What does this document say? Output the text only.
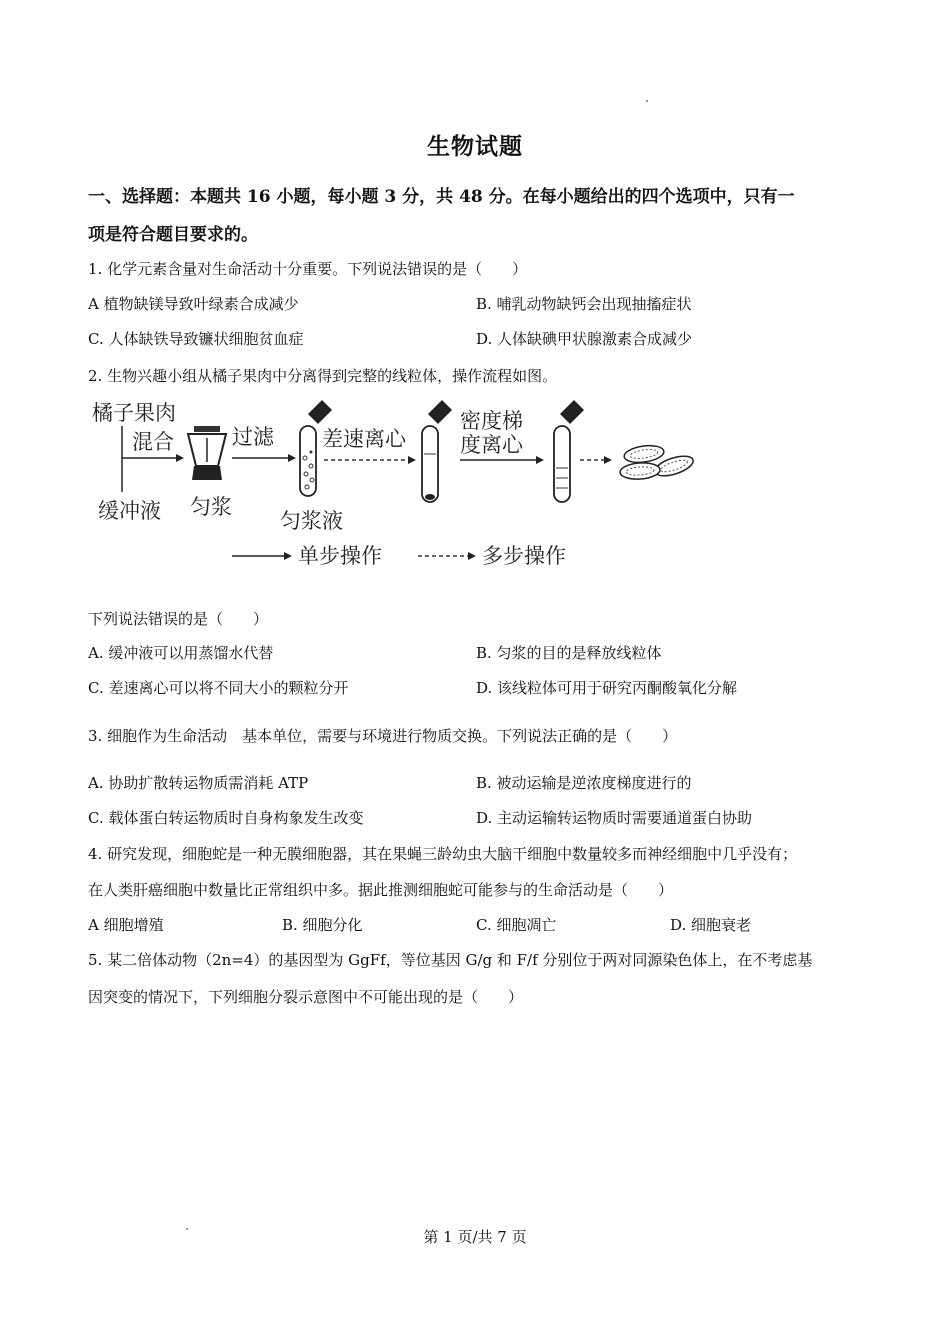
生物试题
一、选择题：本题共 16 小题，每小题 3 分，共 48 分。在每小题给出的四个选项中，只有一
项是符合题目要求的。
1. 化学元素含量对生命活动十分重要。下列说法错误的是（　　）
A 植物缺镁导致叶绿素合成减少	B. 哺乳动物缺钙会出现抽搐症状
C. 人体缺铁导致镰状细胞贫血症	D. 人体缺碘甲状腺激素合成减少
2. 生物兴趣小组从橘子果肉中分离得到完整的线粒体，操作流程如图。
橘子果肉
混合
缓冲液 匀浆
过滤
匀浆液
差速离心
密度梯
度离心
单步操作	多步操作
下列说法错误的是（　　）
A. 缓冲液可以用蒸馏水代替	B. 匀浆的目的是释放线粒体
C. 差速离心可以将不同大小的颗粒分开	D. 该线粒体可用于研究丙酮酸氧化分解
3. 细胞作为生命活动　基本单位，需要与环境进行物质交换。下列说法正确的是（　　）
A. 协助扩散转运物质需消耗 ATP	B. 被动运输是逆浓度梯度进行的
C. 载体蛋白转运物质时自身构象发生改变	D. 主动运输转运物质时需要通道蛋白协助
4. 研究发现，细胞蛇是一种无膜细胞器，其在果蝇三龄幼虫大脑干细胞中数量较多而神经细胞中几乎没有；
在人类肝癌细胞中数量比正常组织中多。据此推测细胞蛇可能参与的生命活动是（　　）
A 细胞增殖	B. 细胞分化	C. 细胞凋亡	D. 细胞衰老
5. 某二倍体动物（2n=4）的基因型为 GgFf，等位基因 G/g 和 F/f 分别位于两对同源染色体上，在不考虑基
因突变的情况下，下列细胞分裂示意图中不可能出现的是（　　）
第 1 页/共 7 页
